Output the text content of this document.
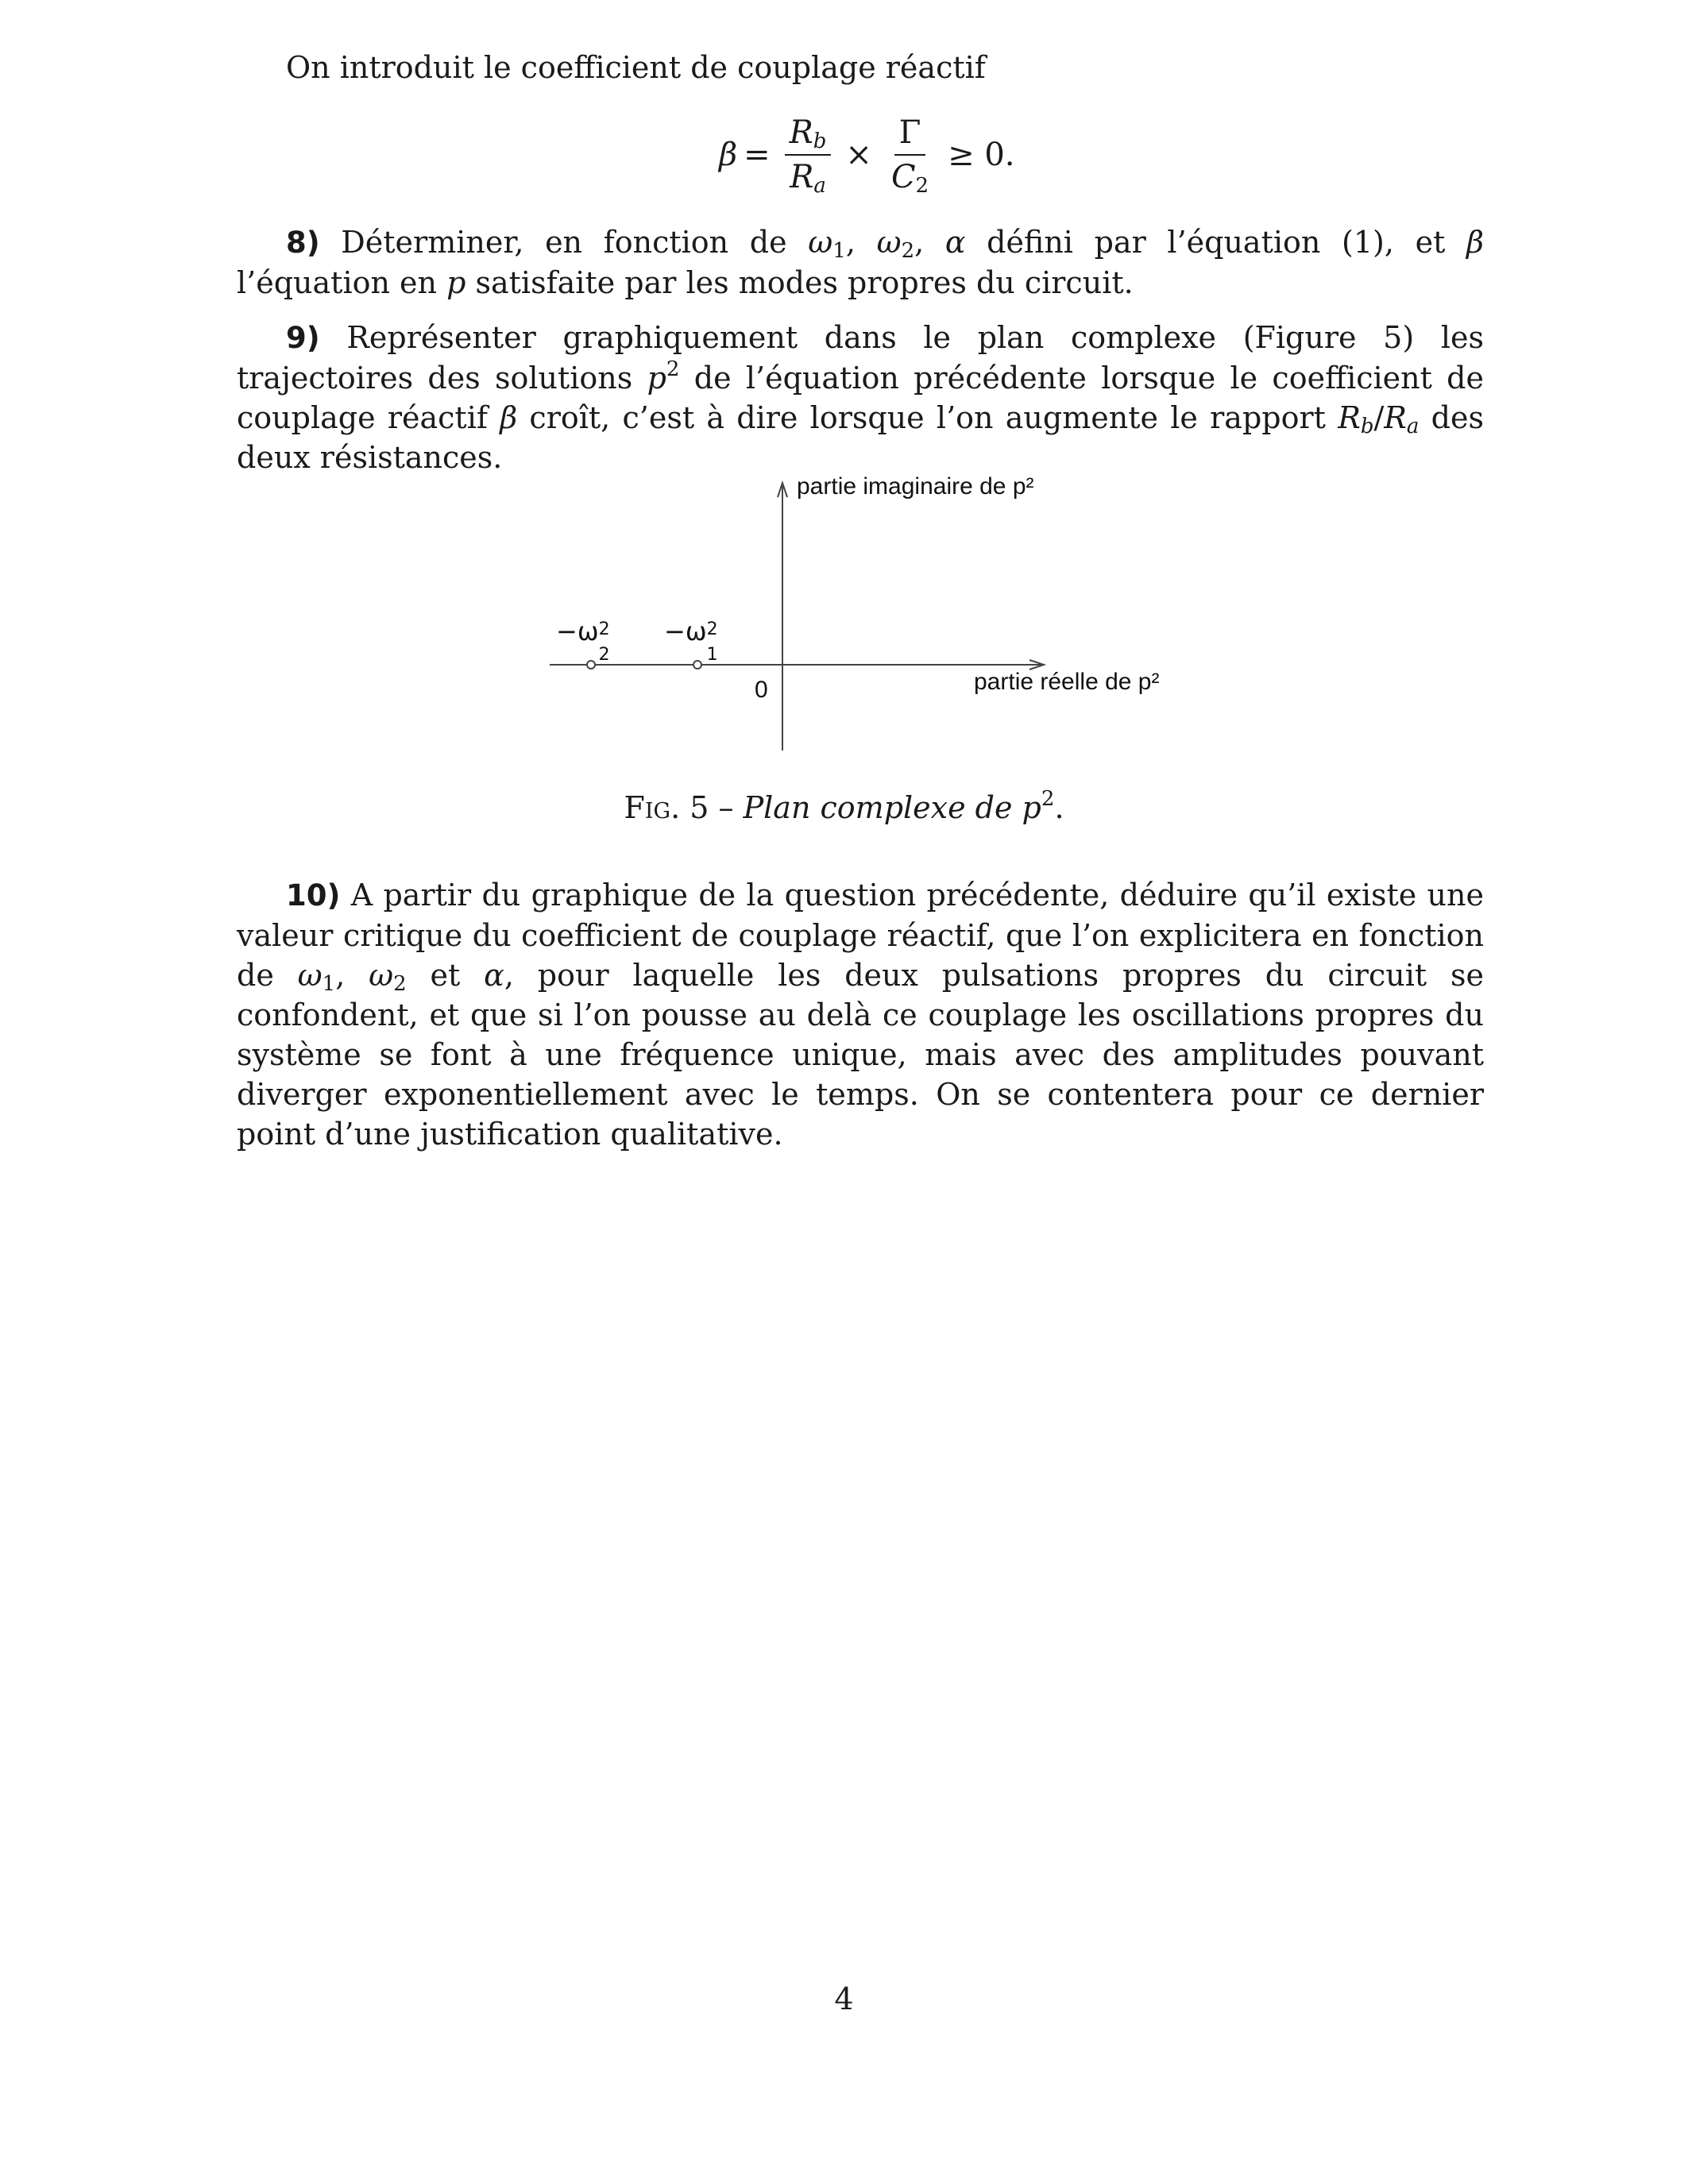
On introduit le coefficient de couplage réactif
$\beta = \frac{R_b}{R_a} \times \frac{\Gamma}{C_2} \ge 0$.
8) Déterminer, en fonction de $\omega_1$, $\omega_2$, α défini par l’équation (1), et β l’équation en p satisfaite par les modes propres du circuit.
9) Représenter graphiquement dans le plan complexe (Figure 5) les trajectoires des solutions $p^2$ de l’équation précédente lorsque le coefficient de couplage réactif β croît, c’est à dire lorsque l’on augmente le rapport $R_b/R_a$ des deux résistances.
partie imaginaire de p²
partie réelle de p²
0
−ω 2
2
−ω 2
1
Fig. 5 – Plan complexe de $p^2$.
10) A partir du graphique de la question précédente, déduire qu’il existe une valeur critique du coefficient de couplage réactif, que l’on explicitera en fonction de $\omega_1$, $\omega_2$ et α, pour laquelle les deux pulsations propres du circuit se confondent, et que si l’on pousse au delà ce couplage les oscillations propres du système se font à une fréquence unique, mais avec des amplitudes pouvant diverger exponentiellement avec le temps. On se contentera pour ce dernier point d’une justification qualitative.
4
